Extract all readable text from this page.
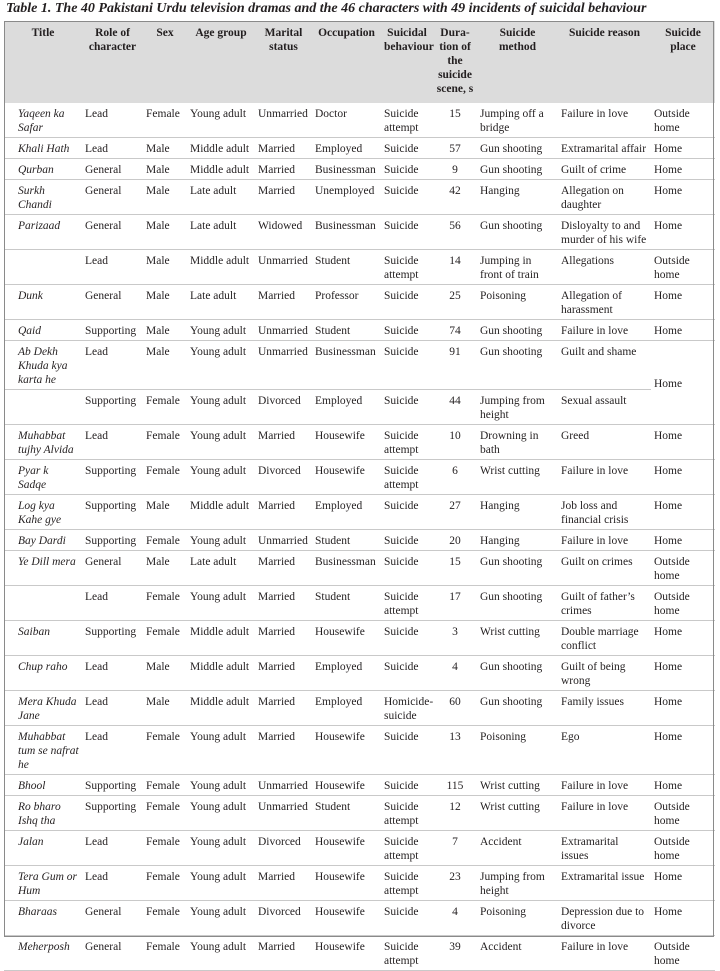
Table 1. The 40 Pakistani Urdu television dramas and the 46 characters with 49 incidents of suicidal behaviour
Title	Role of character	Sex	Age group	Marital status	Occupation	Suicidal behaviour	Dura-tion of the suicide scene, s	Suicide method	Suicide reason	Suicide place
Yaqeen ka Safar	Lead	Female	Young adult	Unmarried	Doctor	Suicide attempt	15	Jumping off a bridge	Failure in love	Outside home
Khali Hath	Lead	Male	Middle adult	Married	Employed	Suicide	57	Gun shooting	Extramarital affair	Home
Qurban	General	Male	Middle adult	Married	Businessman	Suicide	9	Gun shooting	Guilt of crime	Home
Surkh Chandi	General	Male	Late adult	Married	Unemployed	Suicide	42	Hanging	Allegation on daughter	Home
Parizaad	General	Male	Late adult	Widowed	Businessman	Suicide	56	Gun shooting	Disloyalty to and murder of his wife	Home
	Lead	Male	Middle adult	Unmarried	Student	Suicide attempt	14	Jumping in front of train	Allegations	Outside home
Dunk	General	Male	Late adult	Married	Professor	Suicide	25	Poisoning	Allegation of harassment	Home
Qaid	Supporting	Male	Young adult	Unmarried	Student	Suicide	74	Gun shooting	Failure in love	Home
Ab Dekh Khuda kya karta he	Lead	Male	Young adult	Unmarried	Businessman	Suicide	91	Gun shooting	Guilt and shame	Home
	Supporting	Female	Young adult	Divorced	Employed	Suicide	44	Jumping from height	Sexual assault	
Muhabbat tujhy Alvida	Lead	Female	Young adult	Married	Housewife	Suicide attempt	10	Drowning in bath	Greed	Home
Pyar k Sadqe	Supporting	Female	Young adult	Divorced	Housewife	Suicide attempt	6	Wrist cutting	Failure in love	Home
Log kya Kahe gye	Supporting	Male	Middle adult	Married	Employed	Suicide	27	Hanging	Job loss and financial crisis	Home
Bay Dardi	Supporting	Female	Young adult	Unmarried	Student	Suicide	20	Hanging	Failure in love	Home
Ye Dill mera	General	Male	Late adult	Married	Businessman	Suicide	15	Gun shooting	Guilt on crimes	Outside home
	Lead	Female	Young adult	Married	Student	Suicide attempt	17	Gun shooting	Guilt of father’s crimes	Outside home
Saiban	Supporting	Female	Middle adult	Married	Housewife	Suicide	3	Wrist cutting	Double marriage conflict	Home
Chup raho	Lead	Male	Middle adult	Married	Employed	Suicide	4	Gun shooting	Guilt of being wrong	Home
Mera Khuda Jane	Lead	Male	Middle adult	Married	Employed	Homicide-suicide	60	Gun shooting	Family issues	Home
Muhabbat tum se nafrat he	Lead	Female	Young adult	Married	Housewife	Suicide	13	Poisoning	Ego	Home
Bhool	Supporting	Female	Young adult	Unmarried	Housewife	Suicide	115	Wrist cutting	Failure in love	Home
Ro bharo Ishq tha	Supporting	Female	Young adult	Unmarried	Student	Suicide attempt	12	Wrist cutting	Failure in love	Outside home
Jalan	Lead	Female	Young adult	Divorced	Housewife	Suicide attempt	7	Accident	Extramarital issues	Outside home
Tera Gum or Hum	Lead	Female	Young adult	Married	Housewife	Suicide attempt	23	Jumping from height	Extramarital issue	Home
Bharaas	General	Female	Young adult	Divorced	Housewife	Suicide	4	Poisoning	Depression due to divorce	Home
Meherposh	General	Female	Young adult	Married	Housewife	Suicide attempt	39	Accident	Failure in love	Outside home
